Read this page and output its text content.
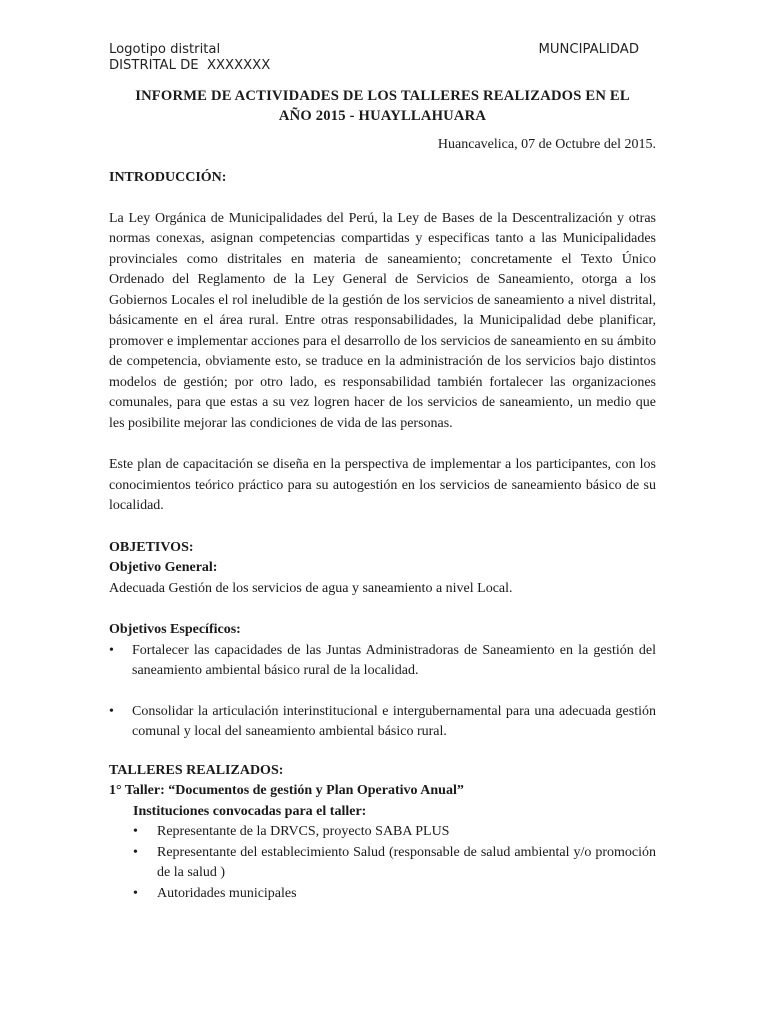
Logotipo distrital	MUNCIPALIDAD
DISTRITAL DE  XXXXXXX
INFORME DE ACTIVIDADES DE LOS TALLERES REALIZADOS EN EL
AÑO 2015 - HUAYLLAHUARA
Huancavelica, 07 de Octubre del 2015.
INTRODUCCIÓN:

La Ley Orgánica de Municipalidades del Perú, la Ley de Bases de la Descentralización y otras normas conexas, asignan competencias compartidas y especificas tanto a las Municipalidades provinciales como distritales en materia de saneamiento; concretamente el Texto Único Ordenado del Reglamento de la Ley General de Servicios de Saneamiento, otorga a los Gobiernos Locales el rol ineludible de la gestión de los servicios de saneamiento a nivel distrital, básicamente en el área rural. Entre otras responsabilidades, la Municipalidad debe planificar, promover e implementar acciones para el desarrollo de los servicios de saneamiento en su ámbito de competencia, obviamente esto, se traduce en la administración de los servicios bajo distintos modelos de gestión; por otro lado, es responsabilidad también fortalecer las organizaciones comunales, para que estas a su vez logren hacer de los servicios de saneamiento, un medio que les posibilite mejorar las condiciones de vida de las personas.

Este plan de capacitación se diseña en la perspectiva de implementar a los participantes, con los conocimientos teórico práctico para su autogestión en los servicios de saneamiento básico de su localidad.

OBJETIVOS:
Objetivo General:

Adecuada Gestión de los servicios de agua y saneamiento a nivel Local.

Objetivos Específicos:
• Fortalecer las capacidades de las Juntas Administradoras de Saneamiento en la gestión del saneamiento ambiental básico rural de la localidad.
• Consolidar la articulación interinstitucional e intergubernamental para una adecuada gestión comunal y local del saneamiento ambiental básico rural.
TALLERES REALIZADOS:
1° Taller: “Documentos de gestión y Plan Operativo Anual”
Instituciones convocadas para el taller:
• Representante de la DRVCS, proyecto SABA PLUS
• Representante del establecimiento Salud (responsable de salud ambiental y/o promoción de la salud )
• Autoridades municipales
